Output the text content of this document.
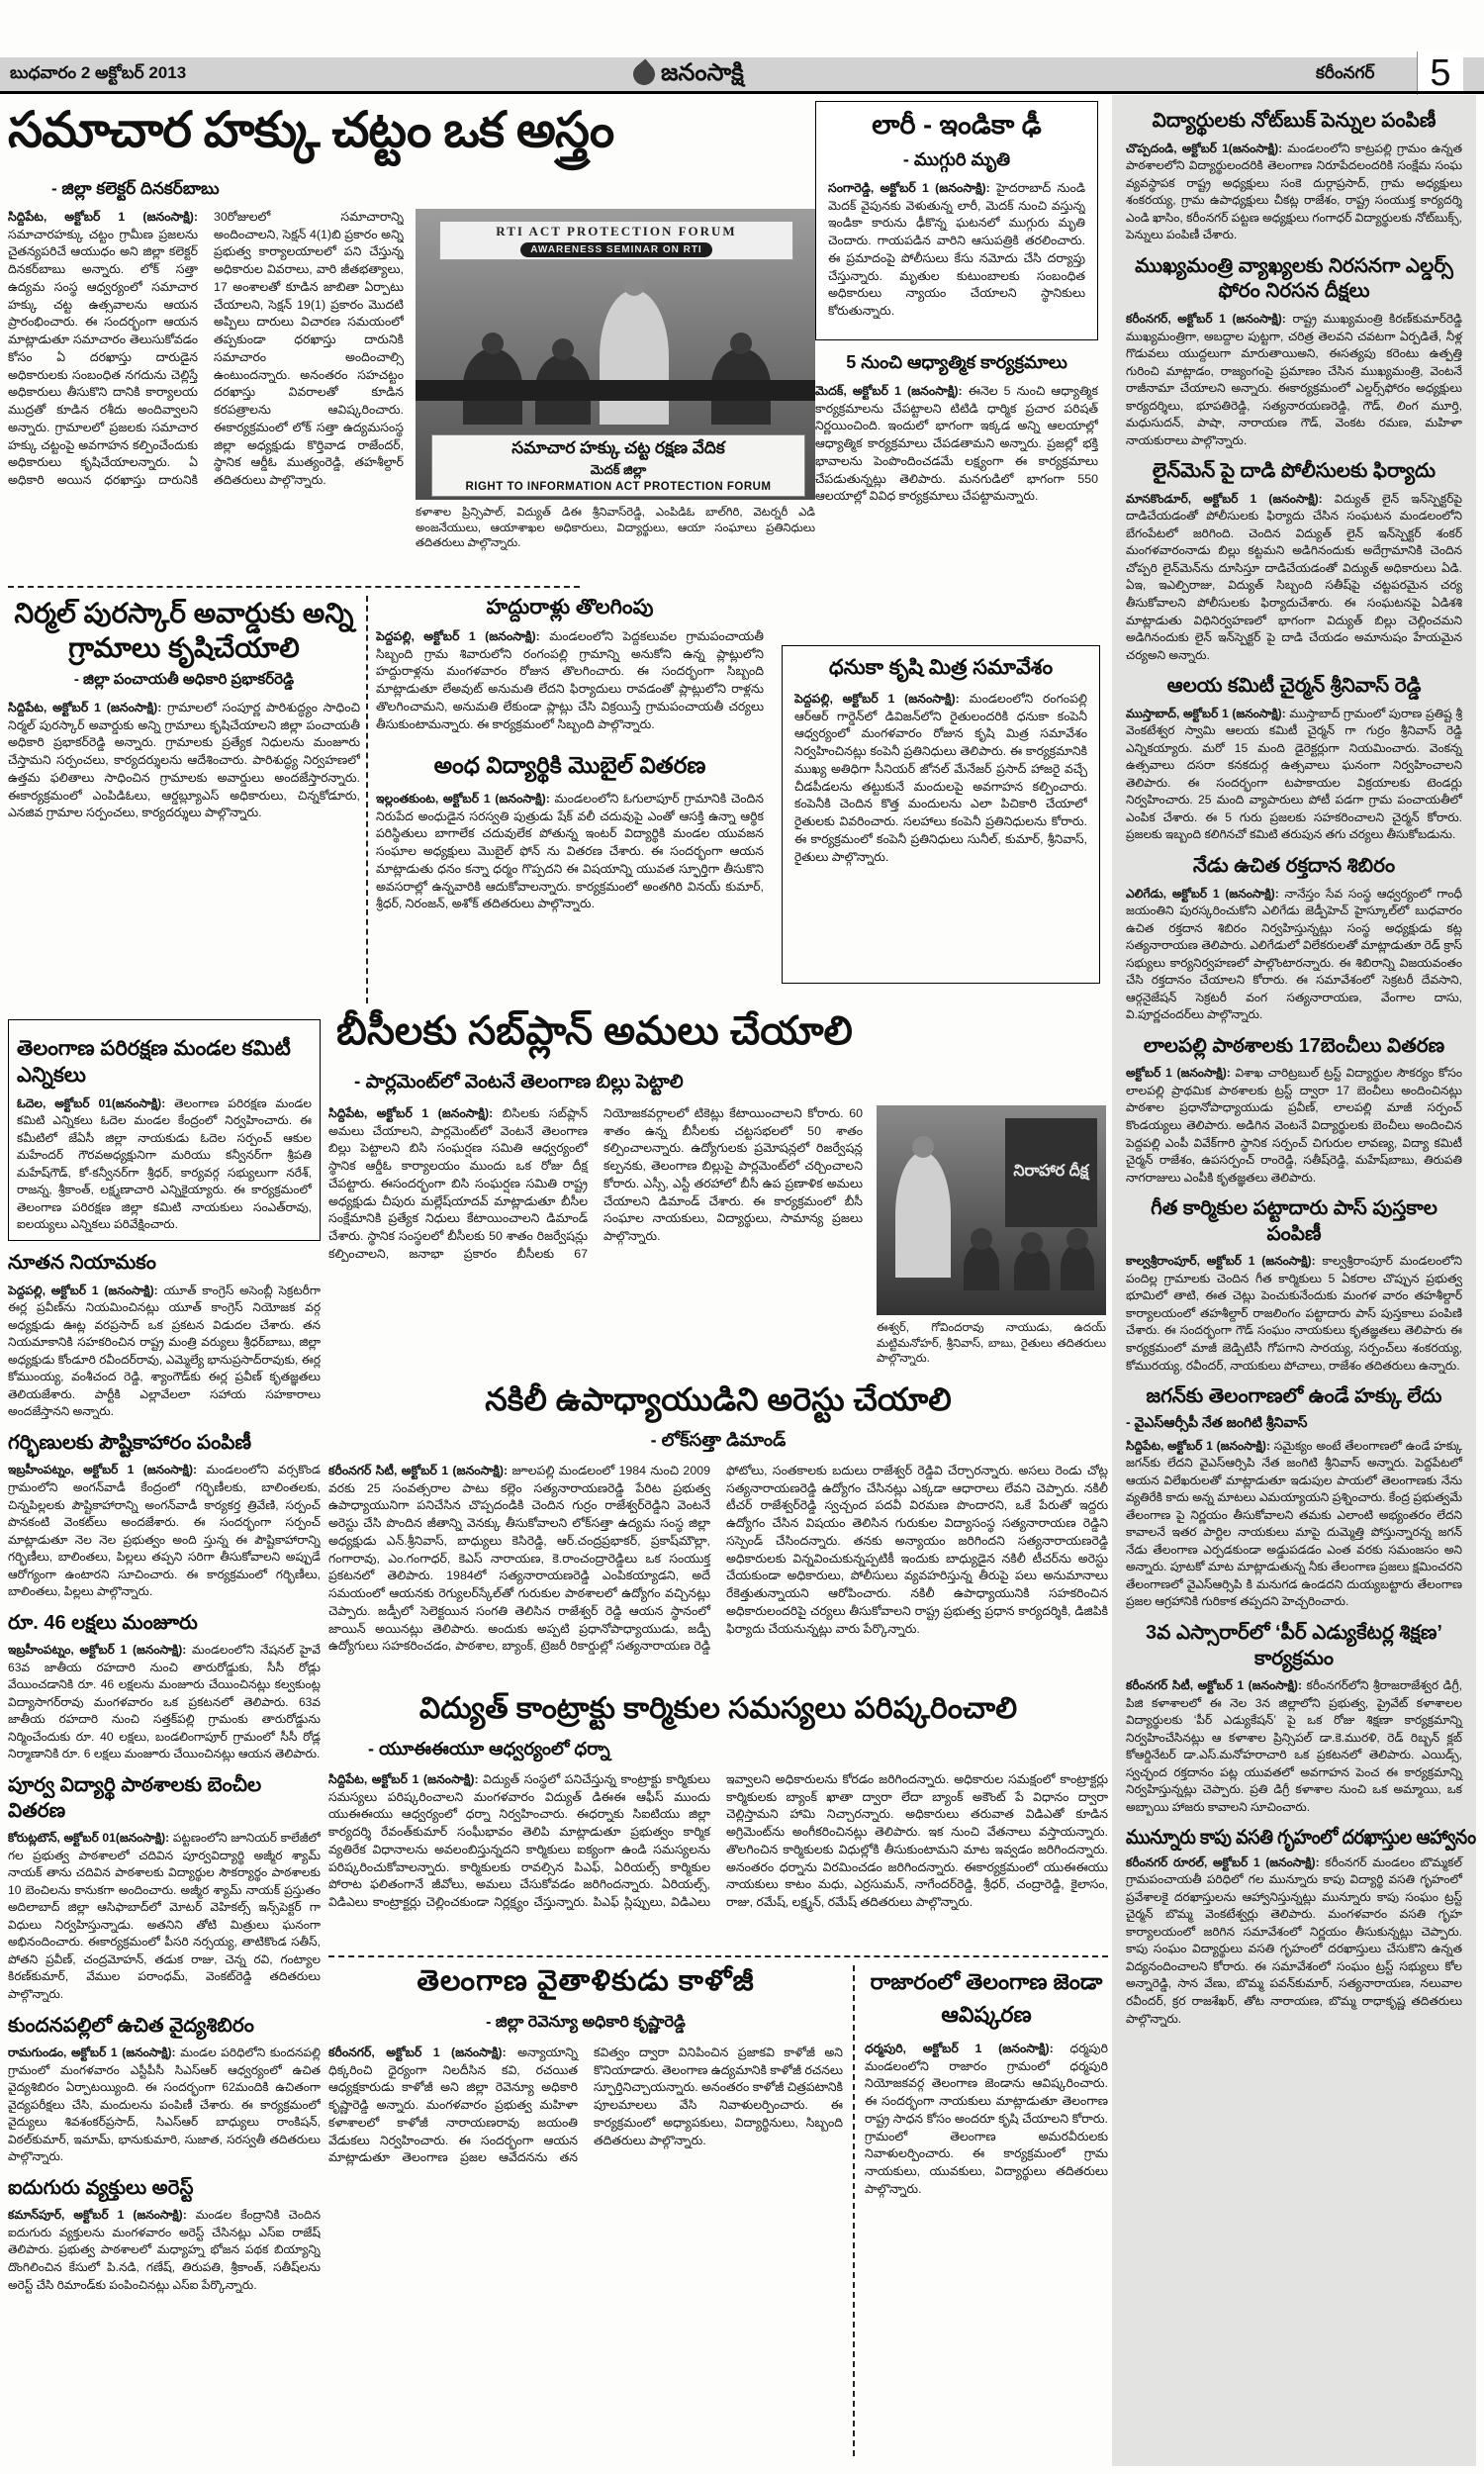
బుధవారం 2 అక్టోబర్ 2013	జనంసాక్షి	కరీంనగర్	5
సమాచార హక్కు చట్టం ఒక అస్త్రం
- జిల్లా కలెక్టర్ దినకర్‌బాబు
సిద్దిపేట, అక్టోబర్ 1 (జనంసాక్షి): సమాచారహక్కు చట్టం గ్రామీణ ప్రజలను చైతన్యపరిచే ఆయుధం అని జిల్లా కలెక్టర్ దినకర్‌బాబు అన్నారు. లోక్ సత్తా ఉద్యమ సంస్థ ఆధ్వర్యంలో సమాచార హక్కు చట్ట ఉత్సవాలను ఆయన ప్రారంభించారు. ఈ సందర్భంగా ఆయన మాట్లాడుతూ సమాచారం తెలుసుకోవడం కోసం ఏ దరఖాస్తు దారుడైన అధికారులకు సంబంధిత నగదును చెల్లిస్తే అధికారులు తీసుకొని దానికి కార్యాలయ ముద్రతో కూడిన రశీదు అందివ్వాలని అన్నారు. గ్రామాలలో ప్రజలకు సమాచార హక్కు చట్టంపై అవగాహన కల్పించేందుకు అధికారులు కృషిచేయాలన్నారు. ఏ అధికారి అయిన ధరఖాస్తు దారునికి 30రోజులలో సమాచారాన్ని అందించాలని, సెక్షన్ 4(1)బి ప్రకారం అన్ని ప్రభుత్వ కార్యాలయాలలో పని చేస్తున్న అధికారుల వివరాలు, వారి జీతభత్యాలు, 17 అంశాలతో కూడిన జాబితా ఏర్పాటు చేయాలని, సెక్షన్ 19(1) ప్రకారం మొదటి అప్పిలు దారులు విచారణ సమయంలో తప్పకుండా ధరఖాస్తు దారునికి సమాచారం అందించాల్సి ఉంటుందన్నారు. అనంతరం సహచట్టం దరఖాస్తు వివరాలతో కూడిన కరపత్రాలను ఆవిష్కరించారు. ఈకార్యక్రమంలో లోక్ సత్తా ఉద్యమసంస్థ జిల్లా అధ్యక్షుడు కొర్తివాడ రాజేందర్, స్థానిక ఆర్డీఓ ముత్యంరెడ్డి, తహశీల్దార్ తదితరులు పాల్గొన్నారు.
RTI ACT PROTECTION FORUM
AWARENESS SEMINAR ON RTI
సమాచార హక్కు చట్ట రక్షణ వేదిక
మెదక్ జిల్లా
RIGHT TO INFORMATION ACT PROTECTION FORUM
కళాశాల ప్రిన్సిపాల్, విద్యుత్ డిఈ శ్రీనివాస్‌రెడ్డి, ఎంపిడిఓ బాల్‌గిరి, వెటర్నరీ ఎడి అంజనేయులు, ఆయాశాఖల అధికారులు, విద్యార్థులు, ఆయా సంఘాలు ప్రతినిధులు తదితరులు పాల్గొన్నారు.
లారీ - ఇండికా ఢీ
- ముగ్గురి మృతి
సంగారెడ్డి, అక్టోబర్ 1 (జనంసాక్షి): హైదరాబాద్ నుండి మెదక్ వైపునకు వెళుతున్న లారీ, మెదక్ నుంచి వస్తున్న ఇండికా కారును ఢీకొన్న ఘటనలో ముగ్గురు మృతి చెందారు. గాయపడిన వారిని ఆసుపత్రికి తరలించారు. ఈ ప్రమాదంపై పోలీసులు కేసు నమోదు చేసి దర్యాప్తు చేస్తున్నారు. మృతుల కుటుంబాలకు సంబంధిత అధికారులు న్యాయం చేయాలని స్థానికులు కోరుతున్నారు.
5 నుంచి ఆధ్యాత్మిక కార్యక్రమాలు
మెదక్, అక్టోబర్ 1 (జనంసాక్షి): ఈనెల 5 నుంచి ఆధ్యాత్మిక కార్యక్రమాలను చేపట్టాలని టిటిడి ధార్మిక ప్రచార పరిషత్ నిర్ణయించింది. ఇందులో భాగంగా ఇక్కడ అన్ని ఆలయాల్లో ఆధ్యాత్మిక కార్యక్రమాలు చేపడతామని అన్నారు. ప్రజల్లో భక్తి భావాలను పెంపొందించడమే లక్ష్యంగా ఈ కార్యక్రమాలు చేపడుతున్నట్లు తెలిపారు. మనగుడిలో భాగంగా 550 ఆలయాల్లో వివిధ కార్యక్రమాలు చేపట్టామన్నారు.
ధనుకా కృషి మిత్ర సమావేశం
పెద్దపల్లి, అక్టోబర్ 1 (జనంసాక్షి): మండలంలోని రంగంపల్లి ఆర్ఆర్ గార్డెన్‌లో డివిజన్‌లోని రైతులందరికి ధనుకా కంపెనీ ఆధ్వర్యంలో మంగళవారం రోజున కృషి మిత్ర సమావేశం నిర్వహించినట్లు కంపెనీ ప్రతినిధులు తెలిపారు. ఈ కార్యక్రమానికి ముఖ్య అతిధిగా సీనియర్ జోనల్ మేనేజర్ ప్రసాద్ హాజరై వచ్చే చీడపీడలను తట్టుకునే మందులపై అవగాహన కల్పించారు. కంపెనీకి చెందిన కొత్త మందులను ఎలా పిచికారి చేయాలో రైతులకు వివరించారు. సలహాలు కంపెనీ ప్రతినిధులను కోరారు. ఈ కార్యక్రమంలో కంపెనీ ప్రతినిధులు సునీల్, కుమార్, శ్రీనివాస్, రైతులు పాల్గొన్నారు.
నిర్మల్ పురస్కార్ అవార్డుకు అన్ని గ్రామాలు కృషిచేయాలి
- జిల్లా పంచాయతీ అధికారి ప్రభాకర్‌రెడ్డి
సిద్దిపేట, అక్టోబర్ 1 (జనంసాక్షి): గ్రామాలలో సంపూర్ణ పారిశుద్ధ్యం సాధించి నిర్మల్ పురస్కార్ అవార్డుకు అన్ని గ్రామాలు కృషిచేయాలని జిల్లా పంచాయతీ అధికారి ప్రభాకర్‌రెడ్డి అన్నారు. గ్రామాలకు ప్రత్యేక నిధులను మంజూరు చేస్తామని సర్పంచలు, కార్యదర్శులను ఆదేశించారు. పారిశుద్ధ్య నిర్వహణలో ఉత్తమ ఫలితాలు సాధించిన గ్రామాలకు అవార్డులు అందజేస్తారన్నారు. ఈకార్యక్రమంలో ఎంపిడిఓలు, ఆర్డబ్ల్యూఎస్ అధికారులు, చిన్నకోడూరు, ఎనజివ గ్రామాల సర్పంచలు, కార్యదర్శులు పాల్గొన్నారు.
హద్దురాళ్లు తొలగింపు
పెద్దపల్లి, అక్టోబర్ 1 (జనంసాక్షి): మండలంలోని పెద్దకలువల గ్రామపంచాయతీ సిబ్బంది గ్రామ శివారులోని రంగంపల్లి గ్రామాన్ని అనుకోని ఉన్న ప్లాట్లులోని హద్దురాళ్లను మంగళవారం రోజున తొలగించారు. ఈ సందర్భంగా సిబ్బంది మాట్లాడుతూ లేఅవుట్ అనుమతి లేదని ఫిర్యాదులు రావడంతో ప్లాట్లులోని రాళ్లను తొలగించామని, అనుమతి లేకుండా ప్లాట్లు చేసి విక్రయిస్తే గ్రామపంచాయతీ చర్యలు తీసుకుంటామన్నారు. ఈ కార్యక్రమంలో సిబ్బంది పాల్గొన్నారు.
అంధ విద్యార్థికి మొబైల్ వితరణ
ఇల్లంతకుంట, అక్టోబర్ 1 (జనంసాక్షి): మండలంలోని ఓగులాపూర్ గ్రామానికి చెందిన నిరుపేద అంధుడైన సరస్వతి పుత్రుడు షేక్ వలీ చదువుపై ఎంతో ఆసక్తి ఉన్నా ఆర్థిక పరిస్థితులు బాగాలేక చదువులేక పోతున్న ఇంటర్ విద్యార్థికి మండల యువజన సంఘాల అధ్యక్షులు మొబైల్ ఫోన్ ను వితరణ చేశారు. ఈ సందర్భంగా ఆయన మాట్లాడుతు ధనం కన్నా ధర్మం గొప్పదని ఈ విషయాన్ని యువత స్ఫూర్తిగా తీసుకొని అవసరాల్లో ఉన్నవారికి ఆదుకోవాలన్నారు. కార్యక్రమంలో అంతగిరి వినయ్ కుమార్, శ్రీధర్, నిరంజన్, అశోక్ తదితరులు పాల్గొన్నారు.
బీసీలకు సబ్‌ప్లాన్ అమలు చేయాలి
- పార్లమెంట్‌లో వెంటనే తెలంగాణ బిల్లు పెట్టాలి
సిద్దిపేట, అక్టోబర్ 1 (జనంసాక్షి): బిసిలకు సబ్‌ప్లాన్ అమలు చేయాలని, పార్లమెంట్‌లో వెంటనే తెలంగాణ బిల్లు పెట్టాలని బిసి సంఘర్షణ సమితి ఆధ్వర్యంలో స్థానిక ఆర్డీఓ కార్యాలయం ముందు ఒక రోజు దీక్ష చేపట్టారు. ఈసందర్భంగా బిసి సంఘర్షణ సమితి రాష్ట్ర అధ్యక్షుడు చీపురు మల్లేష్‌యాదవ్ మాట్లాడుతూ బీసీల సంక్షేమానికి ప్రత్యేక నిధులు కేటాయించాలని డిమాండ్ చేశారు. స్థానిక సంస్థలలో బీసీలకు 50 శాతం రిజర్వేషన్లు కల్పించాలని, జనాభా ప్రకారం బీసీలకు 67 నియోజకవర్గాలలో టికెట్లు కేటాయించాలని కోరారు. 60 శాతం ఉన్న బీసీలకు చట్టసభలలో 50 శాతం కల్పించాలన్నారు. ఉద్యోగులకు ప్రమోషన్లలో రిజర్వేషన్ల కల్పనకు, తెలంగాణ బిల్లుపై పార్లమెంట్‌లో చర్చించాలని కోరారు. ఎస్సీ, ఎస్టీ తరహాలో బీసీ ఉప ప్రణాళిక అమలు చేయాలని డిమాండ్ చేశారు. ఈ కార్యక్రమంలో బీసీ సంఘాల నాయకులు, విద్యార్థులు, సామాన్య ప్రజలు పాల్గొన్నారు.
నిరాహార దీక్ష
ఈశ్వర్, గోవిందరావు నాయుడు, ఉదయ్ మట్టిమనోహర్, శ్రీనివాస్, బాబు, రైతులు తదితరులు పాల్గొన్నారు.
నకిలీ ఉపాధ్యాయుడిని అరెస్టు చేయాలి
- లోక్‌సత్తా డిమాండ్
కరీంనగర్ సిటీ, అక్టోబర్ 1 (జనంసాక్షి): జూలపల్లి మండలంలో 1984 నుంచి 2009 వరకు 25 సంవత్సరాల పాటు కల్లెం సత్యనారాయణరెడ్డి పేరిట ప్రభుత్వ ఉపాధ్యాయునిగా పనిచేసిన చొప్పదండికి చెందిన గుర్రం రాజేశ్వర్‌రెడ్డిని వెంటనే అరెస్టు చేసి పొందిన జీతాన్ని వెనక్కు తీసుకోవాలని లోక్‌సత్తా ఉద్యమ సంస్థ జిల్లా అధ్యక్షుడు ఎన్.శ్రీనివాస్, బాధ్యులు కెసిరెడ్డి, ఆర్.చంద్రప్రభాకర్, ప్రకాష్‌మౌల్లా, గంగారావు, ఎం.గంగాధర్, కెఎస్ నారాయణ, కె.రాంచంద్రారెడ్డిలు ఒక సంయుక్త ప్రకటనలో తెలిపారు. 1984లో సత్యనారాయణరెడ్డి ఎంపికయ్యాడని, అదే సమయంలో ఆయనకు రెగ్యులర్‌స్కేల్‌తో గురుకుల పాఠశాలలో ఉద్యోగం వచ్చినట్లు చెప్పారు. జడ్పీలో సెలెక్టయిన సంగతి తెలిసిన రాజేశ్వర్ రెడ్డి ఆయన స్థానంలో జాయిన్ అయినట్లు తెలిపారు. అందుకు అప్పటి ప్రధానోపాధ్యాయుడు, జడ్పీ ఉద్యోగులు సహకరించడం, పాఠశాల, బ్యాంక్, ట్రెజరీ రికార్డుల్లో సత్యనారాయణ రెడ్డి ఫోటోలు, సంతకాలకు బదులు రాజేశ్వర్ రెడ్డివి చేర్చారన్నారు. అసలు రెండు చోట్ల సత్యనారాయణరెడ్డి ఉద్యోగం చేసినట్లు ఎక్కడా ఆధారాలు లేవని చెప్పారు. నకిలీ టీచర్ రాజేశ్వర్‌రెడ్డి స్వచ్చంద పదవీ విరమణ పొందారని, ఒకే పేరుతో ఇద్దరు ఉద్యోగం చేసిన విషయం తెలిసిన గురుకుల విద్యాసంస్థ సత్యనారాయణ రెడ్డిని సస్పెండ్ చేసిందన్నారు. తనకు అన్యాయం జరిగిందని సత్యనారాయణరెడ్డి అధికారులకు విన్నవించుకున్నప్పటికీ ఇందుకు బాధ్యుడైన నకిలీ టీచర్‌ను అరెస్టు చేయకుండా అధికారులు, పోలీసులు వ్యవహరిస్తున్న తీరుపై పలు అనుమానాలు రేకెత్తుతున్నాయని ఆరోపించారు. నకిలీ ఉపాధ్యాయునికి సహకరించిన అధికారులందరిపై చర్యలు తీసుకోవాలని రాష్ట్ర ప్రభుత్వ ప్రధాన కార్యదర్శికి, డిజిపికి ఫిర్యాదు చేయనున్నట్లు వారు పేర్కొన్నారు.
విద్యుత్ కాంట్రాక్టు కార్మికుల సమస్యలు పరిష్కరించాలి
- యూఈఈయూ ఆధ్వర్యంలో ధర్నా
సిద్దిపేట, అక్టోబర్ 1 (జనంసాక్షి): విద్యుత్ సంస్థలో పనిచేస్తున్న కాంట్రాక్టు కార్మికులు సమస్యలు పరిష్కరించాలని మంగళవారం విద్యుత్ డిఈఈ ఆఫీస్ ముందు యుఈఈయు ఆధ్వర్యంలో ధర్నా నిర్వహించారు. ఈధర్నాకు సిఐటియు జిల్లా కార్యదర్శి రేవంత్‌కుమార్ సంఘీభావం తెలిపి మాట్లాడుతూ ప్రభుత్వం కార్మిక వ్యతిరేక విధానాలను అవలంబిస్తున్నదని కార్మికులు ఐక్యంగా ఉండి సమస్యలను పరిష్కరించుకోవాలన్నారు. కార్మికులకు రావల్సిన పిఎఫ్, ఏరియల్స్ కార్మికుల పోరాట ఫలితంగానే జీవోలు, అమలు చేసుకోవడం జరిగిందన్నారు. ఏరియల్స్, విడిఎలు కాంట్రాక్టర్లు చెల్లించకుండా నిర్లక్ష్యం చేస్తున్నారు. పిఎఫ్ స్లిప్పులు, విడిఎలు ఇవ్వాలని అధికారులను కోరడం జరిగిందన్నారు. అధికారుల సమక్షంలో కాంట్రాక్టర్లు కార్మికులకు బ్యాంక్ ఖాతా ద్వారా లేదా బ్యాంక్ అకౌంట్ పే విధానం ద్వారా చెల్లిస్తామని హామి నిచ్చారన్నారు. అధికారులు తరువాత విడిఎతో కూడిన అగ్రిమెంట్‌ను అంగీకరించినట్లు తెలిపారు. ఇక నుంచి వేతనాలు వస్తాయన్నారు. తొలగించిన కార్మికులకు విధుల్లోకి తీసుకుంటామని మాట ఇవ్వడం జరిగిందన్నారు. అనంతరం ధర్నాను విరమించడం జరిగిందన్నారు. ఈకార్యక్రమంలో యుఈఈయు నాయకులు కాటం మధు, ఎర్రసుమన్, నాగేందర్‌రెడ్డి, శ్రీధర్, చంద్రారెడ్డి, కైలాసం, రాజు, రమేష్, లక్ష్మన్, రమేష్ తదితరులు పాల్గొన్నారు.
తెలంగాణ వైతాళికుడు కాళోజీ
- జిల్లా రెవెన్యూ అధికారి కృష్ణారెడ్డి
కరీంనగర్, అక్టోబర్ 1 (జనంసాక్షి): అన్యాయాన్ని ధిక్కరించి ధైర్యంగా నిలదీసిన కవి, రచయిత ఆధ్యక్షకారుడు కాళోజీ అని జిల్లా రెవెన్యూ అధికారి కృష్ణారెడ్డి అన్నారు. మంగళవారం ప్రభుత్వ మహిళా కళాశాలలో కాళోజీ నారాయణరావు జయంతి వేడుకలు నిర్వహించారు. ఈ సందర్భంగా ఆయన మాట్లాడుతూ తెలంగాణ ప్రజల ఆవేదనను తన కవిత్వం ద్వారా వినిపించిన ప్రజాకవి కాళోజీ అని కొనియాడారు. తెలంగాణ ఉద్యమానికి కాళోజీ రచనలు స్ఫూర్తినిచ్చాయన్నారు. అనంతరం కాళోజీ చిత్రపటానికి పూలమాలలు వేసి నివాళులర్పించారు. ఈ కార్యక్రమంలో అధ్యాపకులు, విద్యార్థినులు, సిబ్బంది తదితరులు పాల్గొన్నారు.
రాజారంలో తెలంగాణ జెండా ఆవిష్కరణ
ధర్మపురి, అక్టోబర్ 1 (జనంసాక్షి): ధర్మపురి మండలంలోని రాజారం గ్రామంలో ధర్మపురి నియోజకవర్గ తెలంగాణ జెండాను ఆవిష్కరించారు. ఈ సందర్భంగా నాయకులు మాట్లాడుతూ తెలంగాణ రాష్ట్ర సాధన కోసం అందరూ కృషి చేయాలని కోరారు. గ్రామంలో తెలంగాణ అమరవీరులకు నివాళులర్పించారు. ఈ కార్యక్రమంలో గ్రామ నాయకులు, యువకులు, విద్యార్థులు తదితరులు పాల్గొన్నారు.
తెలంగాణ పరిరక్షణ మండల కమిటీ ఎన్నికలు
ఓదెల, అక్టోబర్ 01(జనంసాక్షి): తెలంగాణ పరిరక్షణ మండల కమిటి ఎన్నికలు ఓదెల మండల కేంద్రంలో నిర్వహించారు. ఈ కమీటిలో జేఏసీ జిల్లా నాయకుడు ఓదెల సర్పంచ్ ఆకుల మహేందర్ గౌరవఅధ్యక్షునిగా మరియు కన్వీనర్‌గా శ్రీపతి మహేష్‌గౌడ్, కో-కన్వీనర్‌గా శ్రీధర్, కార్యవర్గ సభ్యులుగా నరేశ్, రాజన్న, శ్రీకాంత్, లక్ష్మణాచారి ఎన్నికైయ్యారు. ఈ కార్యక్రమంలో తెలంగాణ పరిరక్షణ జిల్లా కమిటి నాయకులు సంఎత్‌రావు, ఐలయ్యలు ఎన్నికలు పరివేక్షించారు.
నూతన నియామకం
పెద్దపల్లి, అక్టోబర్ 1 (జనంసాక్షి): యూత్ కాంగ్రెస్ అసెంబ్లీ సెక్రటరీగా ఈర్ల ప్రవీణ్‌ను నియమించినట్లు యూత్ కాంగ్రెస్ నియోజక వర్గ అధ్యక్షుడు ఊట్ల వరప్రసాద్ ఒక ప్రకటన విడుదల చేశారు. తన నియమాకానికి సహకరించిన రాష్ట్ర మంత్రి వర్యులు శ్రీధర్‌బాబు, జిల్లా అధ్యక్షుడు కోండూరి రవీందర్‌రావు, ఎమ్మెల్యే భానుప్రసాద్‌రావుకు, ఈర్ల కోముంయ్య, వంశీచంద రెడ్డి, శ్యాంగౌడ్‌కు ఈర్ల ప్రవీణ్ కృతజ్ఞతలు తెలియజేశారు. పార్టీకి ఎల్లావేలలా సహాయ సహకారాలు అందజేస్తానని అన్నారు.
గర్భిణులకు పౌష్టికాహారం పంపిణీ
ఇబ్రహీంపట్నం, అక్టోబర్ 1 (జనంసాక్షి): మండలంలోని వర్సకొండ గ్రామంలోని అంగన్‌వాడీ కేంద్రంలో గర్భిణీలకు, బాలింతలకు, చిన్నపిల్లలకు పౌష్టికాహారాన్ని అంగన్‌వాడీ కార్యకర్త త్రివేణి, సర్పంచ్ పొనకంటి వెంకట్‌లు అందజేశారు. ఈ సందర్భంగా సర్పంచ్ మాట్లాడుతూ నెల నెల ప్రభుత్వం అంది స్తున్న ఈ పౌష్టికాహారాన్ని గర్భిణీలు, బాలింతలు, పిల్లలు తప్పని సరిగా తీసుకోవాలని అప్పుడే ఆరోగ్యంగా ఉంటారని సూచించారు. ఈ కార్యక్రమంలో గర్భిణీలు, బాలింతలు, పిల్లలు పాల్గొన్నారు.
రూ. 46 లక్షలు మంజూరు
ఇబ్రహీంపట్నం, అక్టోబర్ 1 (జనంసాక్షి): మండలంలోని నేషనల్ హైవే 63వ జాతీయ రహదారి నుంచి తారురోడ్డుకు, సీసీ రోడ్లు వేయించడానికి రూ. 46 లక్షలను మంజూరు చేయించినట్లు కల్వకుంట్ల విద్యాసాగర్‌రావు మంగళవారం ఒక ప్రకటనలో తెలిపారు. 63వ జాతీయ రహదారి నుంచి సత్తక్‌పల్లి గ్రామంకు తారురోడ్డును నిర్మించేందుకు రూ. 40 లక్షలు, బండలింగాపూర్ గ్రామంలో సీసీ రోడ్ల నిర్మాణానికి రూ. 6 లక్షలు మంజూరు చేయించినట్లు ఆయన తెలిపారు.
పూర్వ విద్యార్థి పాఠశాలకు బెంచీల వితరణ
కోరుట్లటౌన్, అక్టోబర్ 01(జనంసాక్షి): పట్టణంలోని జూనియర్ కాలేజీలో గల ప్రభుత్వ పాఠశాలలో చదివిన పూర్వవిద్యార్థి అజ్మీర శ్యామ్ నాయక్ తాను చదివిన పాఠశాలకు విద్యార్థుల సౌకర్యార్థం పాఠశాలకు 10 బెంచిలను కానుకగా అందించారు. అజ్మీర శ్యామ్ నాయక్ ప్రస్తుతం అదిలాబాద్ జిల్లా ఆసిఫాబాద్‌లో మోటర్ వెహికల్స్ ఇన్స్‌పెక్టర్ గా విధులు నిర్వహిస్తున్నాడు. అతనిని తోటి మిత్రులు ఘనంగా అభినందించారు. ఈకార్యక్రమంలో పీసరి నర్సయ్య, తాటికొండ సతీస్, పోతని ప్రవీణ్, చంద్రమోహన్, తడుక రాజు, చెన్న రవి, గంట్యాల కిరణ్‌కుమార్, వేముల పరాంధమ్, వెంకట్‌రెడ్డి తదితరులు పాల్గొన్నారు.
కుందనపల్లిలో ఉచిత వైద్యశిబిరం
రామగుండం, అక్టోబర్ 1 (జనంసాక్షి): మండల పరిధిలోని కుందనపల్లి గ్రామంలో మంగళవారం ఎస్టీపీసీ సిఎస్ఆర్ ఆధ్వర్యంలో ఉచిత వైద్యశిబిరం ఏర్పాటయ్యింది. ఈ సందర్భంగా 62మందికి ఉచితంగా వైద్యపరీక్షలు చేసి, మందులను పంపిణీ చేశారు. ఈ కార్యక్రమంలో వైద్యులు శివశంకర్‌ప్రసాద్, సిఎస్ఆర్ బాధ్యులు రాంకిషన్, విఠల్‌కుమార్, ఇమామ్, భానుకుమారి, సుజాత, సరస్వతీ తదితరులు పాల్గొన్నారు.
ఐదుగురు వ్యక్తులు అరెస్ట్
కమాన్‌పూర్, అక్టోబర్ 1 (జనంసాక్షి): మండల కేంద్రానికి చెందిన ఐదుగురు వ్యక్తులను మంగళవారం అరెస్ట్ చేసినట్లు ఎస్ఐ రాజేష్ తెలిపారు. ప్రభుత్వ పాఠశాలలో మధ్యాహ్న భోజన పథక బియ్యాన్ని దొంగిలించిన కేసులో పి.నడి, గణేష్, తిరుపతి, శ్రీకాంత్, సతీష్‌లను అరెస్ట్ చేసి రిమాండ్‌కు పంపించినట్లు ఎస్ఐ పేర్కొన్నారు.
విద్యార్థులకు నోట్‌బుక్ పెన్నుల పంపిణీ
చొప్పదండి, అక్టోబర్ 1(జనంసాక్షి): మండలంలోని కాట్రపల్లి గ్రామం ఉన్నత పాఠశాలలోని విద్యార్థులందరికి తెలంగాణ నిరూపేదలందరికి సంక్షేమ సంఘ వ్యవస్థాపక రాష్ట్ర అధ్యక్షులు సంకె దుర్గాప్రసాద్, గ్రామ అధ్యక్షులు శంకరయ్య, గ్రామ ఉపాధ్యక్షులు చీకట్ల రాజేశం, రాష్ట్ర సంయుక్త కార్యదర్శి ఎండి ఖాసిం, కరీంనగర్ పట్టణ అధ్యక్షులు గంగాధర్ విద్యార్థులకు నోట్‌బుక్స్, పెన్నులు పంపిణీ చేశారు.
ముఖ్యమంత్రి వ్యాఖ్యలకు నిరసనగా ఎల్డర్స్ ఫోరం నిరసన దీక్షలు
కరీంనగర్, అక్టోబర్ 1 (జనంసాక్షి): రాష్ట్ర ముఖ్యమంత్రి కిరణ్‌కుమార్‌రెడ్డి ముఖ్యమంత్రిగా, అబద్దాల పుట్టగా, చరిత్ర తెలవని చవటగా ఏర్పడితే, నీళ్ల గొడువలు యుద్దలుగా మారుతాయిఅని, ఈసత్యపు కరెంటు ఉత్పత్తి గురించి మాట్లాడం, రాజ్యంగంపై ప్రమాణం చేసిన ముఖ్యమంత్రి, వెంటనే రాజీనామా చేయాలని అన్నారు. ఈకార్యక్రమంలో ఎల్డర్స్‌ఫోరం అధ్యక్షులు కార్యదర్శిలు, భూపతిరెడ్డి, సత్యనారయణరెడ్డి, గౌడ్, లింగ మూర్తి, మధుసుదన్, పాషా, నారాయణ గౌడ్, వెంకట రమణ, మహిళా నాయకురాలు పాల్గొన్నారు.
లైన్‌మెన్ పై దాడి పోలీసులకు ఫిర్యాదు
మానకొండూర్, అక్టోబర్ 1 (జనంసాక్షి): విద్యుత్ లైన్ ఇన్‌స్పెక్టర్‌పై దాడిచేయడంతో పోలీసులకు ఫిర్యాదు చేసిన సంఘటన మండలంలోని బేగంపేటలో జరిగింది. చెందిన విద్యుత్ లైన్ ఇన్‌స్పెక్టర్ శంకర్ మంగళవారంనాడు బిల్లు కట్టమని అడిగినందుకు అదేగ్రామానికి చెందిన చోప్పరి లైన్‌మెన్‌ను దూసిస్తూ దాడిచేయడంతో విద్యుత్ అధికారులు ఏడి. ఏఇ, ఇఎల్పిరాజు, విద్యుత్ సిబ్బంది సతీష్‌పై చట్టపరమైన చర్య తీసుకోవాలని పోలీసులకు ఫిర్యాదుచేశారు. ఈ సంఘటనపై ఏడిశశి మాట్లాడుతు విధినిర్వహణలో భాగంగా విద్యుత్ బిల్లు చెల్లించమని అడిగినందుకు లైన్ ఇన్‌స్పెక్టర్ పై దాడి చేయడం అమానుషం హేయమైన చర్యఅని అన్నారు.
ఆలయ కమిటీ చైర్మన్ శ్రీనివాస్ రెడ్డి
ముస్తాబాద్, అక్టోబర్ 1 (జనంసాక్షి): ముస్తాబాద్ గ్రామంలో పురాణ ప్రతిష్ట శ్రీ వెంకటేశ్వర స్వామి ఆలయ కమిటీ చైర్మన్ గా గుర్రం శ్రీనివాస్ రెడ్డి ఎన్నికయ్యారు. మరో 15 మంది డైరెక్టర్లుగా నియమించారు. వెంకన్న ఉత్సవాలు దసరా కనకదుర్గ ఉత్సవాలు ఘనంగా నిర్వహించాలని తెలిపారు. ఈ సందర్భంగా టపాకాయల విక్రయాలకు టెండర్లు నిర్వహించారు. 25 మంది వ్యాపారులు పోటీ పడగా గ్రామ పంచాయతీలో ఎంపిక చేశారు. ఈ 5 గురు ప్రజలకు సహకరించాలని చైర్మన్ కోరారు. ప్రజలకు ఇబ్బంది కలిగినచో కమిటి తరుపున తగు చర్యలు తీసుకోబడును.
నేడు ఉచిత రక్తదాన శిబిరం
ఎలిగేడు, అక్టోబర్ 1 (జనంసాక్షి): నానేస్తం సేవ సంస్థ ఆధ్వర్యంలో గాంధీ జయంతిని పురస్కరించుకోని ఎలిగేడు జెడ్పీహెచ్ హైస్కూల్‌లో బుధవారం ఉచిత రక్తదాన శిబిరం నిర్వహిస్తున్నట్లు సంస్థ అధ్యక్షుడు కట్ల సత్యనారాయణ తెలిపారు. ఎలిగేడులో విలేకరులతో మాట్లాడుతూ రెడ్ క్రాస్ సభ్యులు కార్యనిర్వహణలో పాల్గొంటారన్నారు. ఈ శిబిరాన్ని విజయవంతం చేసి రక్తదానం చేయాలని కోరారు. ఈ సమావేశంలో సెక్రటరీ దేవసాని, ఆర్గనైజేషన్ సెక్రటరీ వంగ సత్యనారాయణ, వేంగాల దాసు, వి.పూర్ణచందర్‌లు పాల్గొన్నారు.
లాలపల్లి పాఠశాలకు 17బెంచీలు వితరణ
అక్టోబర్ 1 (జనంసాక్షి): విశాఖ చారిట్రబుల్ ట్రస్ట్ విద్యార్థుల సౌకర్యం కోసం లాలపల్లి ప్రాథమిక పాఠశాలకు ట్రస్ట్ ద్వారా 17 బెంచీలు అందించినట్లు పాఠశాల ప్రధానోపాధ్యాయుడు ప్రవీణ్, లాలపల్లి మాజీ సర్పంచ్ కొండయ్యలు తెలిపారు. అడిగిన వెంటనే విద్యార్థులకు బెంచీలు అందించిన పెద్దపల్లి ఎంపీ వివేక్‌గారి స్థానిక సర్పంచ్ చిగురుల లావణ్య, విద్యా కమిటీ చైర్మన్ రాజేశం, ఉపసర్పంచ్ రాంరెడ్డి, సతీష్‌రెడ్డి, మహేష్‌బాబు, తిరుపతి నాగరాజులు ఎంపీకి కృతజ్ఞతలు తెలిపారు.
గీత కార్మికుల పట్టాదారు పాస్ పుస్తకాల పంపిణీ
కాల్వశ్రీరాంపూర్, అక్టోబర్ 1 (జనంసాక్షి): కాల్వశ్రీరాంపూర్ మండలంలోని పందిల్ల గ్రామాలకు చెందిన గీత కార్మికులు 5 ఏకరాల చొప్పున ప్రభుత్వ భూమిలో తాటి, ఈత చెట్లు పెంచుకునేందుకు మంగళ వారం తహశీల్దార్ కార్యాలయంలో తహశీల్దార్ రాజలింగం పట్టాదారు పాస్ పుస్తకాలు పంపిణి చేశారు. ఈ సందర్భంగా గౌడ్ సంఘం నాయకులు కృతజ్ఞతలు తెలిపారు ఈ కార్యక్రమంలో మాజీ జెడ్పిటిసీ గోపగాని సారయ్య, సర్పంచ్‌లు శంకరయ్య, కోమురయ్య, రవీందర్, నాయకులు పోచాలు, రాజేశం తదితరులు ఉన్నారు.
జగన్‌కు తెలంగాణలో ఉండే హక్కు లేదు
- వైఎస్ఆర్సీపీ నేత జంగిటి శ్రీనివాస్
సిద్దిపేట, అక్టోబర్ 1 (జనంసాక్షి): సమైక్యం అంటే తేలంగాణలో ఉండే హక్కు జగన్‌కు లేదని వైఎస్ఆర్సిపి నేత జంగిటి శ్రీనివాస్ అన్నారు. పెద్దపేటలో ఆయన విలేఖరులతో మాట్లాడుతూ ఇడుపుల పాయలో తెలంగాణకు నేను వ్యతిరేకి కాదు అన్న మాటలు ఎమయ్యాయని ప్రశ్నించారు. కేంద్ర ప్రభుత్వమే తేలంగాణ పై నిర్ణయం తీసుకోవాలని తమకు ఎలాంటి అభ్యంతరం లేదని కావాలనే ఇతర పార్టిల నాయకులు మాపై దుమ్మెత్తి పోస్తున్నారన్న జగన్ నేడు తేలంగాణ ఎర్పడకుండా అడ్డుపడడం ఎంత వరకు సమంజసం అని అన్నారు. పూటకో మాట మాట్లాడుతున్న నీకు తేలంగాణ ప్రజలు క్షమించరని తేలంగాణలో వైఎస్ఆర్సిపి కి మనుగడ ఉండదని దుయ్యబట్టారు తేలంగాణ ప్రజల ఆగ్రహానికి గురికాక తప్పదని హెచ్చరించారు.
3వ ఎస్సారార్‌లో ‘పీర్ ఎడ్యుకేటర్ల శిక్షణ’ కార్యక్రమం
కరీంనగర్ సిటీ, అక్టోబర్ 1 (జనంసాక్షి): కరీంనగర్‌లోని శ్రీరాజరాజేశ్వర డిగ్రీ, పిజి కళాశాలలో ఈ నెల 3న జిల్లాలోని ప్రభుత్వ, ప్రైవేట్ కళాశాలల విద్యార్థులకు ‘పీర్ ఎడ్యుకేషన్’ పై ఒక రోజు శిక్షణా కార్యక్రమాన్ని నిర్వహించేసినట్లు ఆ కళాశాల ప్రిన్సిపల్ డా.కె.మురళి, రెడ్ రిబ్బన్ క్లబ్ కోఆర్డినేటర్ డా.ఎస్.మనోహరాచారి ఒక ప్రకటనలో తెలిపారు. ఎయిడ్స్, స్వచ్ఛంద రక్తదానం పట్ల యువతలో అవగాహన పెంచ ఈ కార్యక్రమాన్ని నిర్వహిస్తున్నట్లు చెప్పారు. ప్రతి డిగ్రీ కళాశాల నుంచి ఒక అమ్మాయి, ఒక అబ్బాయి హాజరు కావాలని సూచించారు.
మున్నూరు కాపు వసతి గృహంలో దరఖాస్తుల ఆహ్వానం
కరీంనగర్ రూరల్, అక్టోబర్ 1 (జనంసాక్షి): కరీంనగర్ మండలం బొమ్మకల్ గ్రామపంచాయతీ పరిధిలో గల మున్నూరు కాపు విద్యార్థి వసతి గృహంలో ప్రవేశాలకై దరఖాస్తులను ఆహ్వానిస్తున్నట్లు మున్నూరు కాపు సంఘం ట్రస్ట్ చైర్మన్ బొమ్మ వెంకటేశ్వర్లు తెలిపారు. మంగళవారం వసతి గృహ కార్యాలయంలో జరిగిన సమావేశంలో నిర్ణయం తీసుకున్నట్లు చెప్పారు. కాపు సంఘం విద్యార్థులు వసతి గృహంలో దరఖాస్తులు చేసుకొని ఉన్నత విద్యనందించాలని కోరారు. ఈ సమావేశంలో సంఘం ట్రస్ట్ సభ్యులు కోల అన్నారెడ్డి, సాన వేణు, బొమ్మ పవన్‌కుమార్, సత్యనారాయణ, నలువాల రవీందర్, క్రర రాజశేఖర్, తోట నారాయణ, బొమ్మ రాధాకృష్ణ తదితరులు పాల్గొన్నారు.
